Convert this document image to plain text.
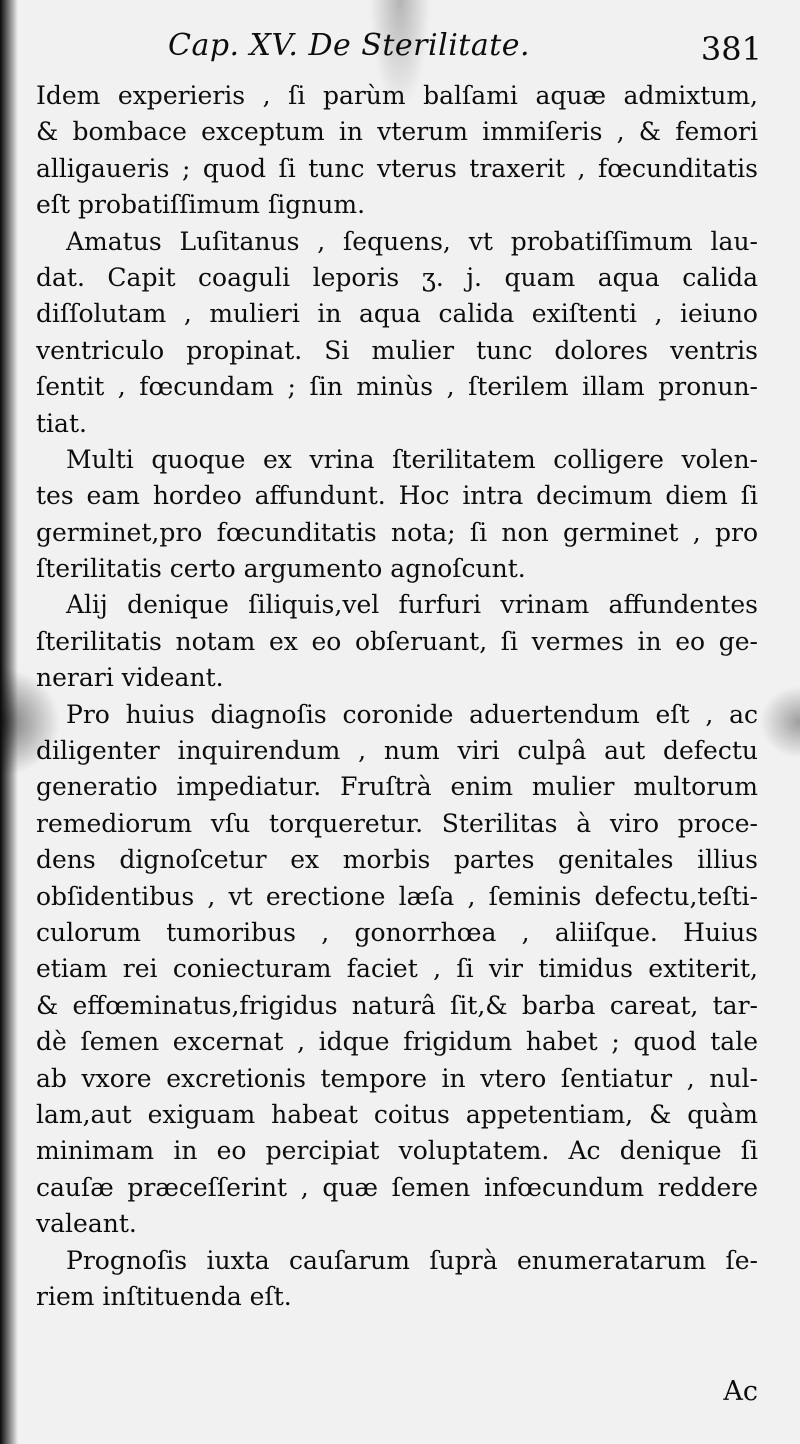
Cap. XV. De Sterilitate.	381
Idem experieris , ſi parùm balſami aquæ admixtum,
& bombace exceptum in vterum immiſeris , & femori
alligaueris ; quod ſi tunc vterus traxerit , fœcunditatis
eſt probatiſſimum ſignum.
Amatus Luſitanus , ſequens, vt probatiſſimum lau-
dat. Capit coaguli leporis ʒ. j. quam aqua calida
diſſolutam , mulieri in aqua calida exiſtenti , ieiuno
ventriculo propinat. Si mulier tunc dolores ventris
ſentit , fœcundam ; ſin minùs , ſterilem illam pronun-
tiat.
Multi quoque ex vrina ſterilitatem colligere volen-
tes eam hordeo affundunt. Hoc intra decimum diem ſi
germinet,pro fœcunditatis nota; ſi non germinet , pro
ſterilitatis certo argumento agnoſcunt.
Alij denique ſiliquis,vel furfuri vrinam affundentes
ſterilitatis notam ex eo obſeruant, ſi vermes in eo ge-
nerari videant.
Pro huius diagnoſis coronide aduertendum eſt , ac
diligenter inquirendum , num viri culpâ aut defectu
generatio impediatur. Fruſtrà enim mulier multorum
remediorum vſu torqueretur. Sterilitas à viro proce-
dens dignoſcetur ex morbis partes genitales illius
obſidentibus , vt erectione læſa , ſeminis defectu,teſti-
culorum tumoribus , gonorrhœa , aliiſque. Huius
etiam rei coniecturam faciet , ſi vir timidus extiterit,
& effœminatus,frigidus naturâ ſit,& barba careat, tar-
dè ſemen excernat , idque frigidum habet ; quod tale
ab vxore excretionis tempore in vtero ſentiatur , nul-
lam,aut exiguam habeat coitus appetentiam, & quàm
minimam in eo percipiat voluptatem. Ac denique ſi
cauſæ præceſſerint , quæ ſemen infœcundum reddere
valeant.
Prognoſis iuxta cauſarum ſuprà enumeratarum ſe-
riem inſtituenda eſt.
Ac
